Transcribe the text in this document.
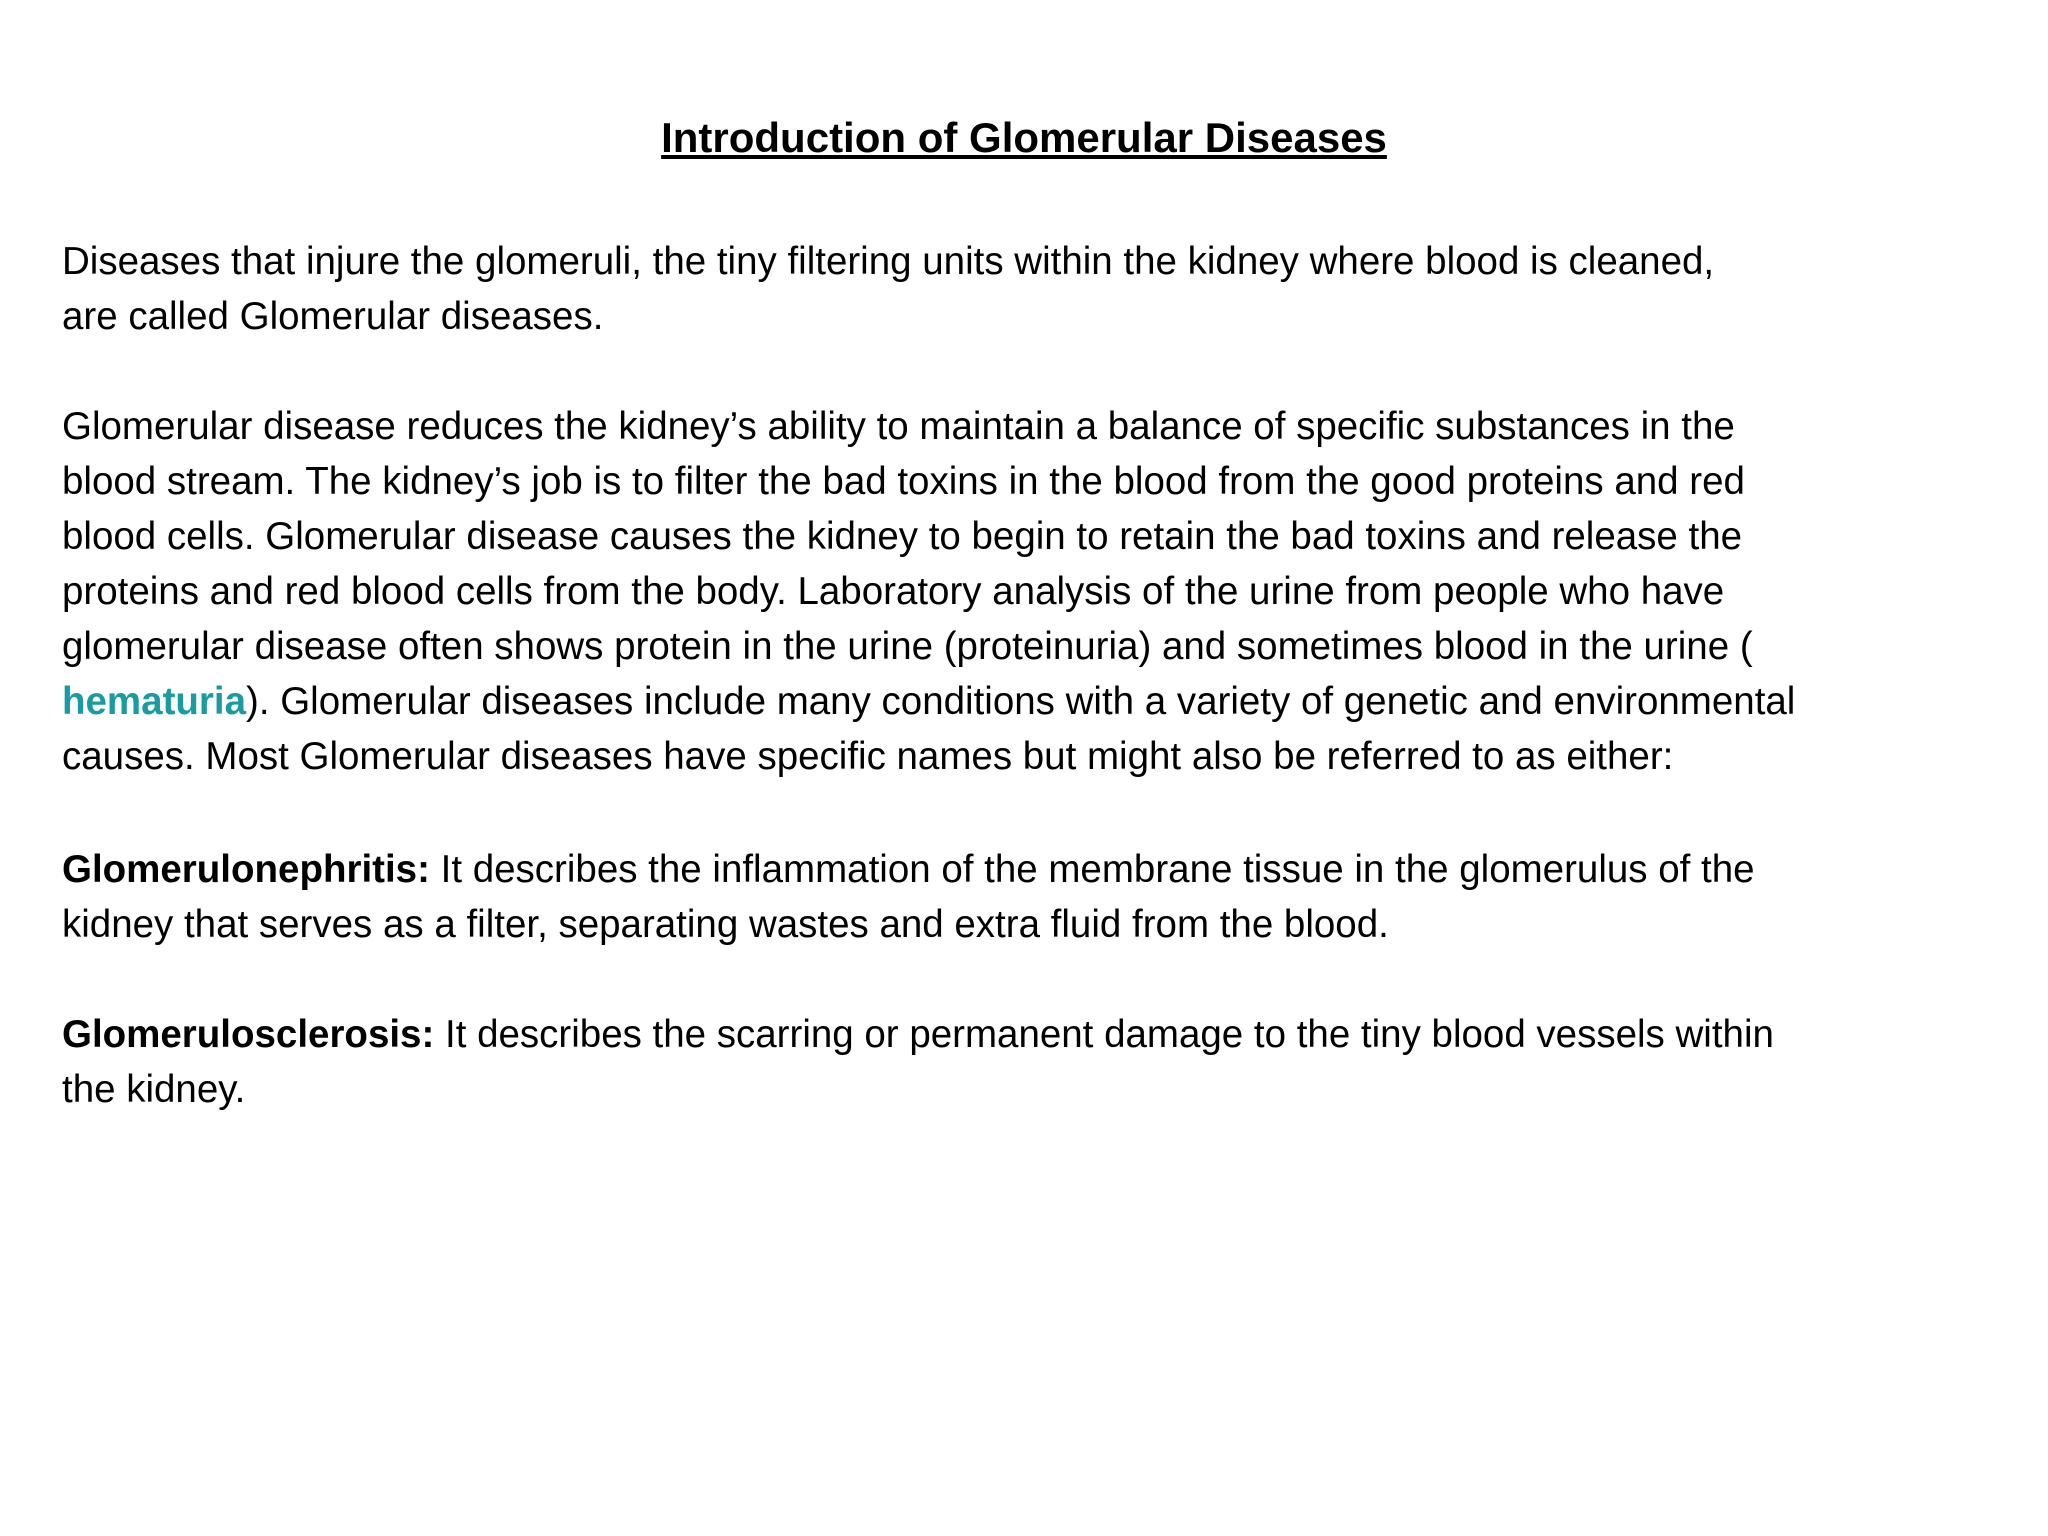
Introduction of Glomerular Diseases

Diseases that injure the glomeruli, the tiny filtering units within the kidney where blood is cleaned,
are called Glomerular diseases.

Glomerular disease reduces the kidney’s ability to maintain a balance of specific substances in the
blood stream. The kidney’s job is to filter the bad toxins in the blood from the good proteins and red
blood cells. Glomerular disease causes the kidney to begin to retain the bad toxins and release the
proteins and red blood cells from the body. Laboratory analysis of the urine from people who have
glomerular disease often shows protein in the urine (proteinuria) and sometimes blood in the urine (
hematuria). Glomerular diseases include many conditions with a variety of genetic and environmental
causes. Most Glomerular diseases have specific names but might also be referred to as either:

Glomerulonephritis: It describes the inflammation of the membrane tissue in the glomerulus of the
kidney that serves as a filter, separating wastes and extra fluid from the blood.

Glomerulosclerosis: It describes the scarring or permanent damage to the tiny blood vessels within
the kidney.
